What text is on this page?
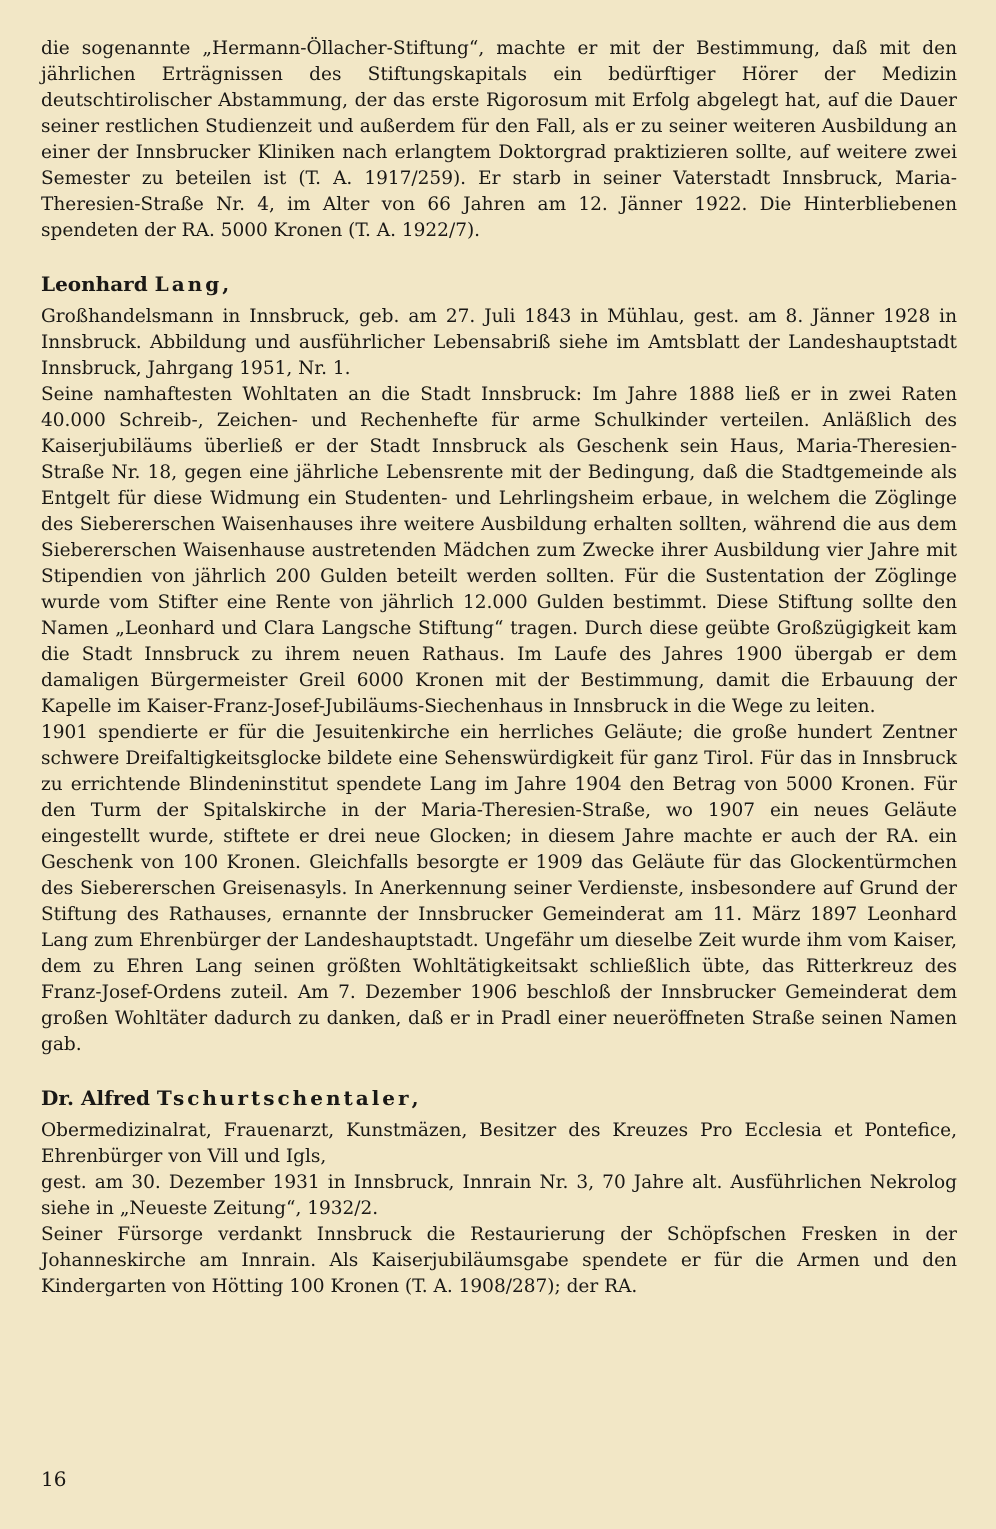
die sogenannte „Hermann-Öllacher-Stiftung“, machte er mit der Bestimmung, daß mit den jährlichen Erträgnissen des Stiftungskapitals ein bedürftiger Hörer der Medizin deutschtirolischer Abstammung, der das erste Rigorosum mit Erfolg abgelegt hat, auf die Dauer seiner restlichen Studienzeit und außerdem für den Fall, als er zu seiner weiteren Ausbildung an einer der Innsbrucker Kliniken nach erlangtem Doktorgrad praktizieren sollte, auf weitere zwei Semester zu beteilen ist (T. A. 1917/259). Er starb in seiner Vaterstadt Innsbruck, Maria-Theresien-Straße Nr. 4, im Alter von 66 Jahren am 12. Jänner 1922. Die Hinterbliebenen spendeten der RA. 5000 Kronen (T. A. 1922/7).

Leonhard Lang,

Großhandelsmann in Innsbruck, geb. am 27. Juli 1843 in Mühlau, gest. am 8. Jänner 1928 in Innsbruck. Abbildung und ausführlicher Lebensabriß siehe im Amtsblatt der Landeshauptstadt Innsbruck, Jahrgang 1951, Nr. 1.

Seine namhaftesten Wohltaten an die Stadt Innsbruck: Im Jahre 1888 ließ er in zwei Raten 40.000 Schreib-, Zeichen- und Rechenhefte für arme Schulkinder verteilen. Anläßlich des Kaiserjubiläums überließ er der Stadt Innsbruck als Geschenk sein Haus, Maria-Theresien-Straße Nr. 18, gegen eine jährliche Lebensrente mit der Bedingung, daß die Stadtgemeinde als Entgelt für diese Widmung ein Studenten- und Lehrlingsheim erbaue, in welchem die Zöglinge des Siebererschen Waisenhauses ihre weitere Ausbildung erhalten sollten, während die aus dem Siebererschen Waisenhause austretenden Mädchen zum Zwecke ihrer Ausbildung vier Jahre mit Stipendien von jährlich 200 Gulden beteilt werden sollten. Für die Sustentation der Zöglinge wurde vom Stifter eine Rente von jährlich 12.000 Gulden bestimmt. Diese Stiftung sollte den Namen „Leonhard und Clara Langsche Stiftung“ tragen. Durch diese geübte Großzügigkeit kam die Stadt Innsbruck zu ihrem neuen Rathaus. Im Laufe des Jahres 1900 übergab er dem damaligen Bürgermeister Greil 6000 Kronen mit der Bestimmung, damit die Erbauung der Kapelle im Kaiser-Franz-Josef-Jubiläums-Siechenhaus in Innsbruck in die Wege zu leiten.

1901 spendierte er für die Jesuitenkirche ein herrliches Geläute; die große hundert Zentner schwere Dreifaltigkeitsglocke bildete eine Sehenswürdigkeit für ganz Tirol. Für das in Innsbruck zu errichtende Blindeninstitut spendete Lang im Jahre 1904 den Betrag von 5000 Kronen. Für den Turm der Spitalskirche in der Maria-Theresien-Straße, wo 1907 ein neues Geläute eingestellt wurde, stiftete er drei neue Glocken; in diesem Jahre machte er auch der RA. ein Geschenk von 100 Kronen. Gleichfalls besorgte er 1909 das Geläute für das Glockentürmchen des Siebererschen Greisenasyls. In Anerkennung seiner Verdienste, insbesondere auf Grund der Stiftung des Rathauses, ernannte der Innsbrucker Gemeinderat am 11. März 1897 Leonhard Lang zum Ehrenbürger der Landeshauptstadt. Ungefähr um dieselbe Zeit wurde ihm vom Kaiser, dem zu Ehren Lang seinen größten Wohltätigkeitsakt schließlich übte, das Ritterkreuz des Franz-Josef-Ordens zuteil. Am 7. Dezember 1906 beschloß der Innsbrucker Gemeinderat dem großen Wohltäter dadurch zu danken, daß er in Pradl einer neueröffneten Straße seinen Namen gab.

Dr. Alfred Tschurtschentaler,

Obermedizinalrat, Frauenarzt, Kunstmäzen, Besitzer des Kreuzes Pro Ecclesia et Pontefice, Ehrenbürger von Vill und Igls,

gest. am 30. Dezember 1931 in Innsbruck, Innrain Nr. 3, 70 Jahre alt. Ausführlichen Nekrolog siehe in „Neueste Zeitung“, 1932/2.

Seiner Fürsorge verdankt Innsbruck die Restaurierung der Schöpfschen Fresken in der Johanneskirche am Innrain. Als Kaiserjubiläumsgabe spendete er für die Armen und den Kindergarten von Hötting 100 Kronen (T. A. 1908/287); der RA.

16
